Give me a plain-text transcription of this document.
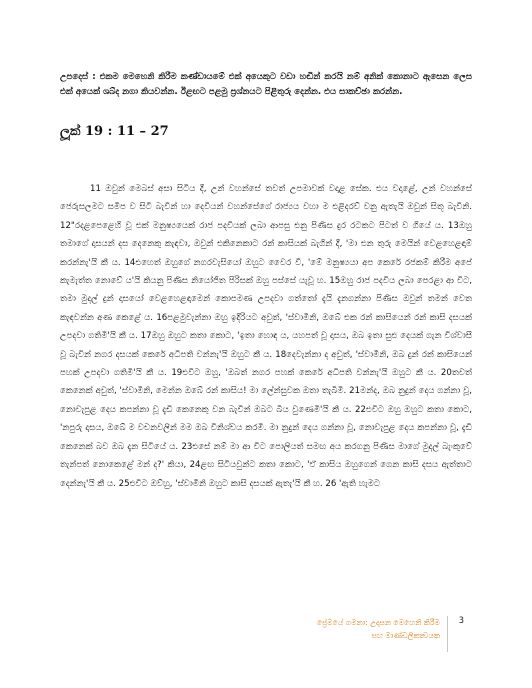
උපදෙස් : එකම මෙහෙනි කිරීම කණ්ඩායමේ එක් අයෙකුට වඩා හඬින් කරයි නම් අනික් කොනාට ඇසෙන ලෙස එක් අයෙක් ශබ්ද නගා කියවන්න. ඊළඟට පළමු ප්‍රශ්නයට පිළිතුරු දෙන්න. එය සාකච්ඡා කරන්න.
ලූක් 19 : 11 – 27

11 ඔවුන් මෙබස් අසා සිටිය දී, උන් වහන්සේ තවත් උපමාවක් වදාළ සේක. එය වදාළේ, උන් වහන්සේ ජෙරුසලමට සමීප ව සිටි බැවින් හා දෙවියන් වහන්සේගේ රාජ්‍යය වහා ම එළිදරව් වනු ඇතැයි ඔවුන් සිතූ බැවිනි. 12"රදළපෙළෙහි වූ එක් මනුෂ්‍යයෙක් රාජ පදවියක් ලබා ආපසු එනු පිණිස දුර රටකට පිටත් ව ගියේ ය. 13ඔහු තමාගේ දාසයන් දස දෙනෙකු කැඳවා, ඔවුන් එකිනෙකාට රන් කාසියක් බැගින් දී, 'මා එන තුරු මෙයින් වෙළහෙළඳාම් කරන්නැ'යි කී ය. 14එහෙත් ඔහුගේ නගරවැසියෝ ඔහුට වෛර වී, 'මේ මනුෂ්‍යයා අප කෙරේ රජකම් කිරීම අපේ කැමැත්ත නොවේ ය'යි කියනු පිණිස නියෝජිත පිරිසක් ඔහු පස්සේ යැවූ හ. 15ඔහු රාජ පදවිය ලබා පෙරළා ආ විට, තමා මුදල් දුන් දාසයෝ වෙළහෙළඳාමෙන් කොපමණ උපදවා ගත්තෝ දැයි දැනගන්නා පිණිස ඔවුන් තමන් වෙත කැඳවන්න අණ කෙළේ ය. 16පළමුවැන්නා ඔහු ඉදිරියට අවුත්, 'ස්වාමීනි, ඔබේ එක රන් කාසියෙන් රන් කාසි දසයක් උපදවා ගතිමි'යි කී ය. 17ඔහු ඔහුට කතා කොට, 'ඉතා හොඳ ය, යහපත් වූ දාසය, ඔබ ඉතා සුළු දෙයක් ගැන විශ්වාසී වූ බැවින් නගර දසයක් කෙරේ අධිපති වන්නැ'යි ඔහුට කී ය. 18දෙවැන්නා ද අවුත්, 'ස්වාමීනි, ඔබ දුන් රන් කාසියෙන් පහක් උපදවා ගතිමි'යි කී ය. 19එවිට ඔහු, 'ඔබත් නගර පහක් කෙරේ අධිපති වන්නැ'යි ඔහුට කී ය. 20තවත් කෙනෙක් අවුත්, 'ස්වාමීනි, මෙන්න ඔබේ රන් කාසිය! මා ලේන්සුවක ඔතා තැබීමි. 21මන්ද, ඔබ නුදුන් දෙය ගන්නා වූ, නොවැපුළ දෙය කපන්නා වූ දැඩි කෙනෙකු වන බැවින් ඔබට බිය වුණෙමි'යි කී ය. 22එවිට ඔහු ඔහුට කතා කොට, 'නපුරු දාසය, ඔබේ ම වචනවලින් මම ඔබ විනිශ්චය කරමි. මා නුදුන් දෙය ගන්නා වූ, නොවැපුළ දෙය කපන්නා වූ, දැඩි කෙනෙක් බව ඔබ දැන සිටියේ ය. 23එසේ නම් මා ආ විට පොලියත් සමඟ අය කරගනු පිණිස මාගේ මුදල් බැංකුවේ තැන්පත් නොකෙළේ මන් ද?' කියා, 24ළඟ සිටියවුන්ට කතා කොට, 'ඒ කාසිය ඔහුගෙන් ගෙන කාසි දසය ඇත්තාට දෙන්නැ'යි කී ය. 25එවිට ඔව්හු, 'ස්වාමීනි ඔහුට කාසි දසයක් ඇතැ'යි කී හ. 26 'ඇති හැමට

ප්‍රේමයේ ගමනා: උදාසන මෙහෙනි කිරීම
සහ මාණ්ඩලිකත්‍වයක
3
